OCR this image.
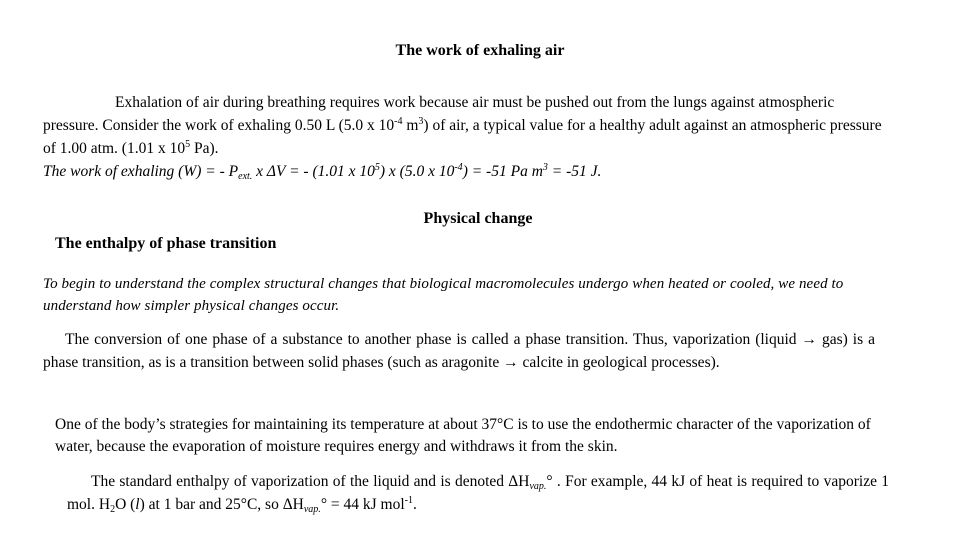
The work of exhaling air
Exhalation of air during breathing requires work because air must be pushed out from the lungs against atmospheric pressure. Consider the work of exhaling 0.50 L (5.0 x $10^{-4}$ $m^3$) of air, a typical value for a healthy adult against an atmospheric pressure of 1.00 atm. (1.01 x $10^5$ Pa).
The work of exhaling (W) = - $P_{ext.}$ x ΔV = - (1.01 x $10^5$) x (5.0 x $10^{-4}) = -51$ Pa $m^3 = -51$ J.
Physical change
The enthalpy of phase transition

To begin to understand the complex structural changes that biological macromolecules undergo when heated or cooled, we need to understand how simpler physical changes occur.

The conversion of one phase of a substance to another phase is called a phase transition. Thus, vaporization (liquid → gas) is a phase transition, as is a transition between solid phases (such as aragonite → calcite in geological processes).

One of the body’s strategies for maintaining its temperature at about 37°C is to use the endothermic character of the vaporization of water, because the evaporation of moisture requires energy and withdraws it from the skin.

The standard enthalpy of vaporization of the liquid and is denoted $\Delta H_{vap.}^\circ$ . For example, 44 kJ of heat is required to vaporize 1 mol. $H_2O$ (l) at 1 bar and 25°C, so $\Delta H_{vap.}^\circ = 44$ kJ mol$^{-1}$.
